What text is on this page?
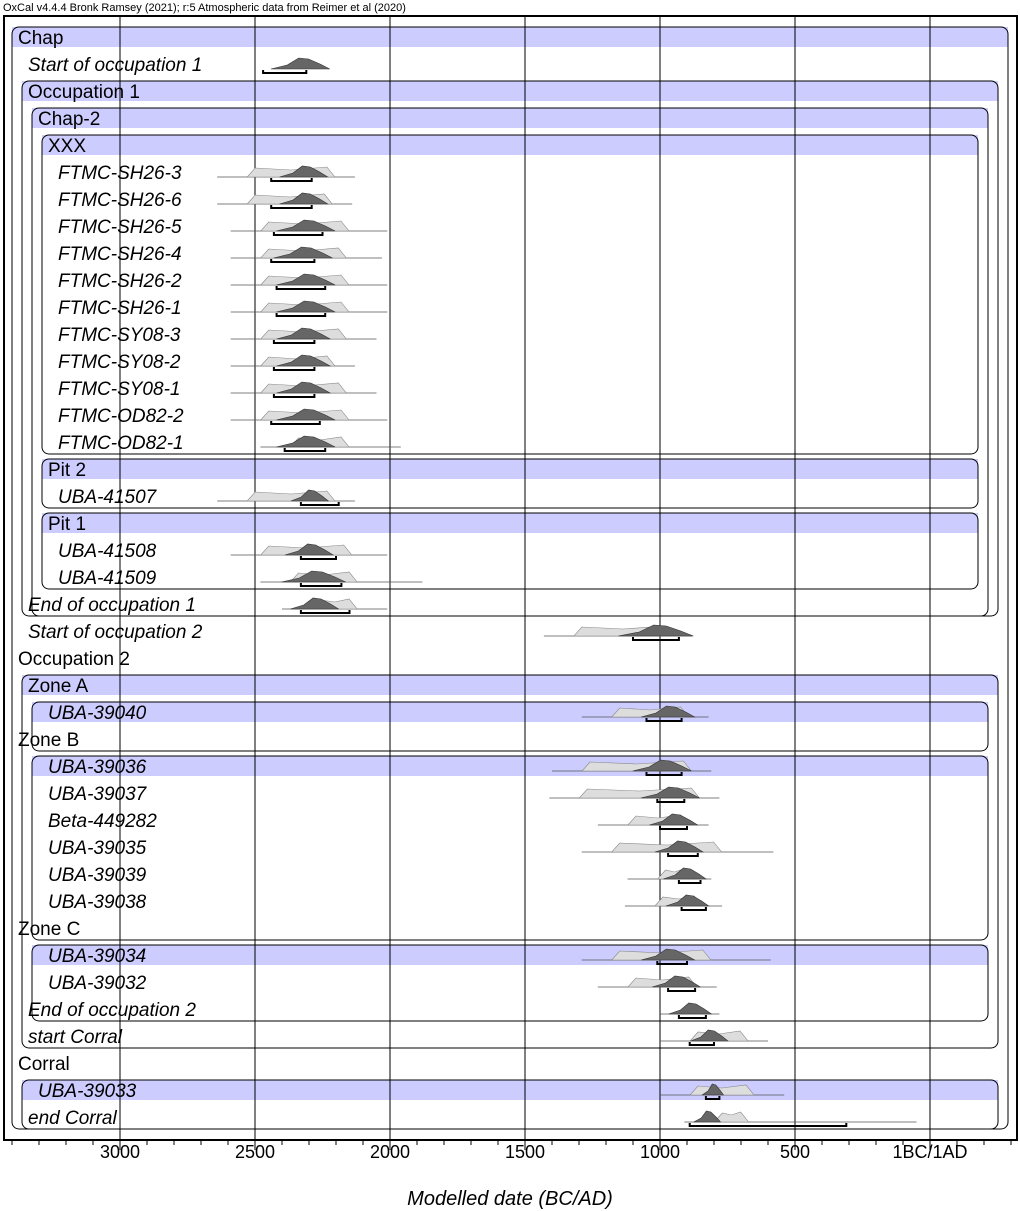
OxCal v4.4.4 Bronk Ramsey (2021); r:5 Atmospheric data from Reimer et al (2020)
Chap
Start of occupation 1
Occupation 1
Chap-2
XXX
FTMC-SH26-3
FTMC-SH26-6
FTMC-SH26-5
FTMC-SH26-4
FTMC-SH26-2
FTMC-SH26-1
FTMC-SY08-3
FTMC-SY08-2
FTMC-SY08-1
FTMC-OD82-2
FTMC-OD82-1
Pit 2
UBA-41507
Pit 1
UBA-41508
UBA-41509
End of occupation 1
Start of occupation 2
Occupation 2
Zone A
UBA-39040
Zone B
UBA-39036
UBA-39037
Beta-449282
UBA-39035
UBA-39039
UBA-39038
Zone C
UBA-39034
UBA-39032
End of occupation 2
start Corral
Corral
UBA-39033
end Corral
3000	2500	2000	1500	1000	500	1BC/1AD
Modelled date (BC/AD)
